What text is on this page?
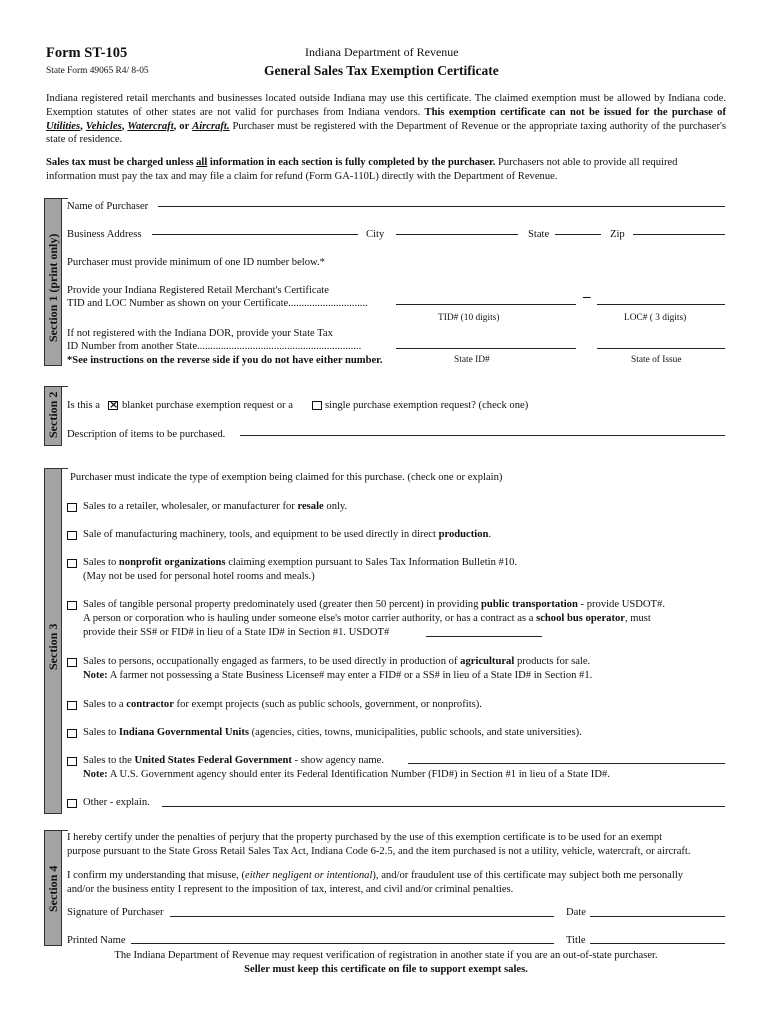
Form ST-105
State Form 49065 R4/ 8-05
Indiana Department of Revenue
General Sales Tax Exemption Certificate
Indiana registered retail merchants and businesses located outside Indiana may use this certificate. The claimed exemption must be allowed by Indiana code. Exemption statutes of other states are not valid for purchases from Indiana vendors. This exemption certificate can not be issued for the purchase of Utilities, Vehicles, Watercraft, or Aircraft. Purchaser must be registered with the Department of Revenue or the appropriate taxing authority of the purchaser's state of residence.
Sales tax must be charged unless all information in each section is fully completed by the purchaser. Purchasers not able to provide all required information must pay the tax and may file a claim for refund (Form GA-110L) directly with the Department of Revenue.
Section 1 (print only)
Name of Purchaser
Business Address	City	State	Zip
Purchaser must provide minimum of one ID number below.*
Provide your Indiana Registered Retail Merchant's Certificate
TID and LOC Number as shown on your Certificate..............................	–
TID# (10 digits)	LOC# ( 3 digits)
If not registered with the Indiana DOR, provide your State Tax
ID Number from another State..............................................................
*See instructions on the reverse side if you do not have either number.	State ID#	State of Issue
Section 2 Is this a
× blanket purchase exemption request or a	single purchase exemption request? (check one)
Description of items to be purchased.
Section 3
Purchaser must indicate the type of exemption being claimed for this purchase. (check one or explain)
Sales to a retailer, wholesaler, or manufacturer for resale only.
Sale of manufacturing machinery, tools, and equipment to be used directly in direct production.
Sales to nonprofit organizations claiming exemption pursuant to Sales Tax Information Bulletin #10.
(May not be used for personal hotel rooms and meals.)
Sales of tangible personal property predominately used (greater then 50 percent) in providing public transportation - provide USDOT#.
A person or corporation who is hauling under someone else's motor carrier authority, or has a contract as a school bus operator, must
provide their SS# or FID# in lieu of a State ID# in Section #1. USDOT#
Sales to persons, occupationally engaged as farmers, to be used directly in production of agricultural products for sale.
Note: A farmer not possessing a State Business License# may enter a FID# or a SS# in lieu of a State ID# in Section #1.
Sales to a contractor for exempt projects (such as public schools, government, or nonprofits).
Sales to Indiana Governmental Units (agencies, cities, towns, municipalities, public schools, and state universities).
Sales to the United States Federal Government - show agency name.
Note: A U.S. Government agency should enter its Federal Identification Number (FID#) in Section #1 in lieu of a State ID#.
Other - explain.
Section 4
I hereby certify under the penalties of perjury that the property purchased by the use of this exemption certificate is to be used for an exempt
purpose pursuant to the State Gross Retail Sales Tax Act, Indiana Code 6-2.5, and the item purchased is not a utility, vehicle, watercraft, or aircraft.
I confirm my understanding that misuse, (either negligent or intentional), and/or fraudulent use of this certificate may subject both me personally
and/or the business entity I represent to the imposition of tax, interest, and civil and/or criminal penalties.
Signature of Purchaser	Date
Printed Name	Title
The Indiana Department of Revenue may request verification of registration in another state if you are an out-of-state purchaser.
Seller must keep this certificate on file to support exempt sales.
